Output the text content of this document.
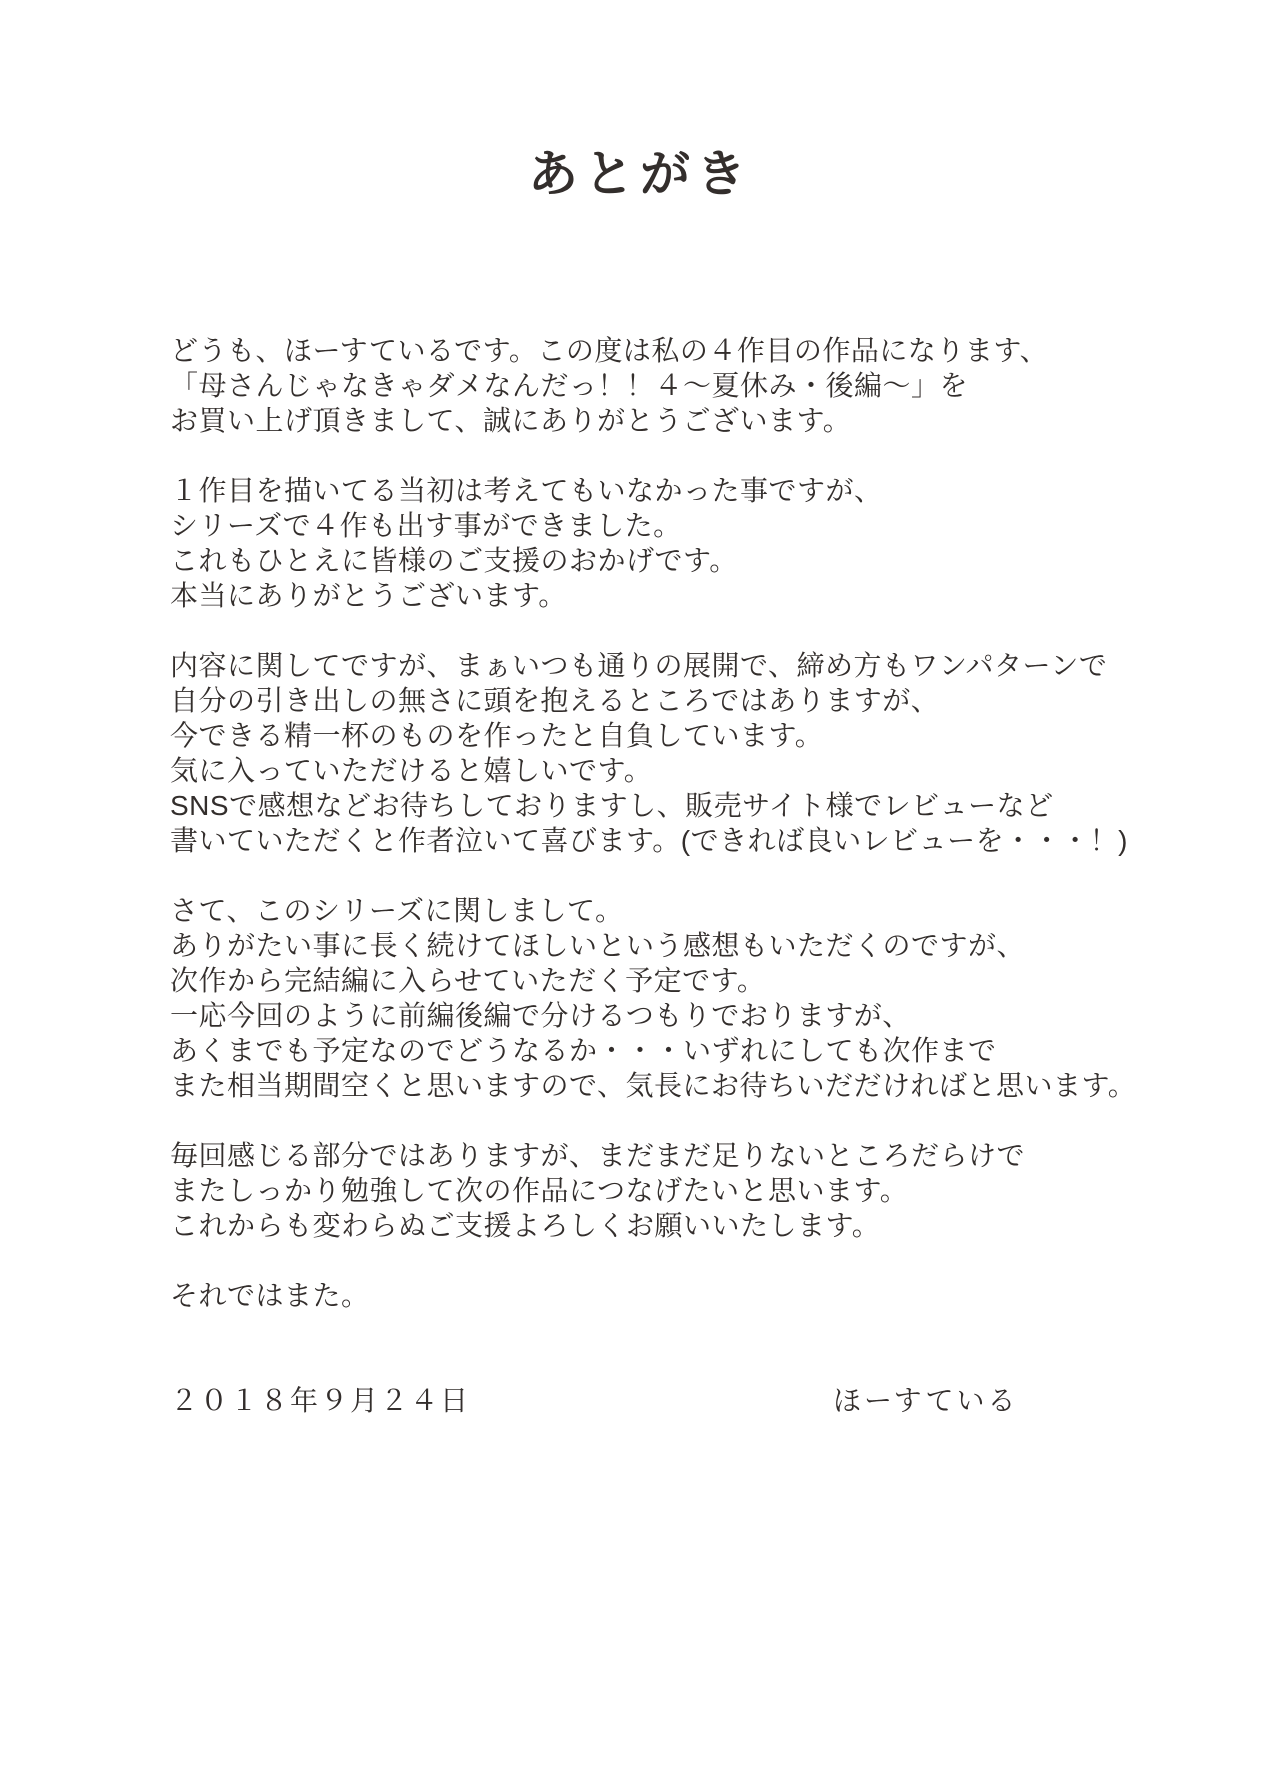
あとがき
どうも、ほーすているです。この度は私の４作目の作品になります、
「母さんじゃなきゃダメなんだっ！！４～夏休み・後編～」を
お買い上げ頂きまして、誠にありがとうございます。
１作目を描いてる当初は考えてもいなかった事ですが、
シリーズで４作も出す事ができました。
これもひとえに皆様のご支援のおかげです。
本当にありがとうございます。
内容に関してですが、まぁいつも通りの展開で、締め方もワンパターンで
自分の引き出しの無さに頭を抱えるところではありますが、
今できる精一杯のものを作ったと自負しています。
気に入っていただけると嬉しいです。
SNSで感想などお待ちしておりますし、販売サイト様でレビューなど
書いていただくと作者泣いて喜びます。(できれば良いレビューを・・・！)
さて、このシリーズに関しまして。
ありがたい事に長く続けてほしいという感想もいただくのですが、
次作から完結編に入らせていただく予定です。
一応今回のように前編後編で分けるつもりでおりますが、
あくまでも予定なのでどうなるか・・・いずれにしても次作まで
また相当期間空くと思いますので、気長にお待ちいだだければと思います。
毎回感じる部分ではありますが、まだまだ足りないところだらけで
またしっかり勉強して次の作品につなげたいと思います。
これからも変わらぬご支援よろしくお願いいたします。
それではまた。
２０１８年９月２４日	ほーすている
